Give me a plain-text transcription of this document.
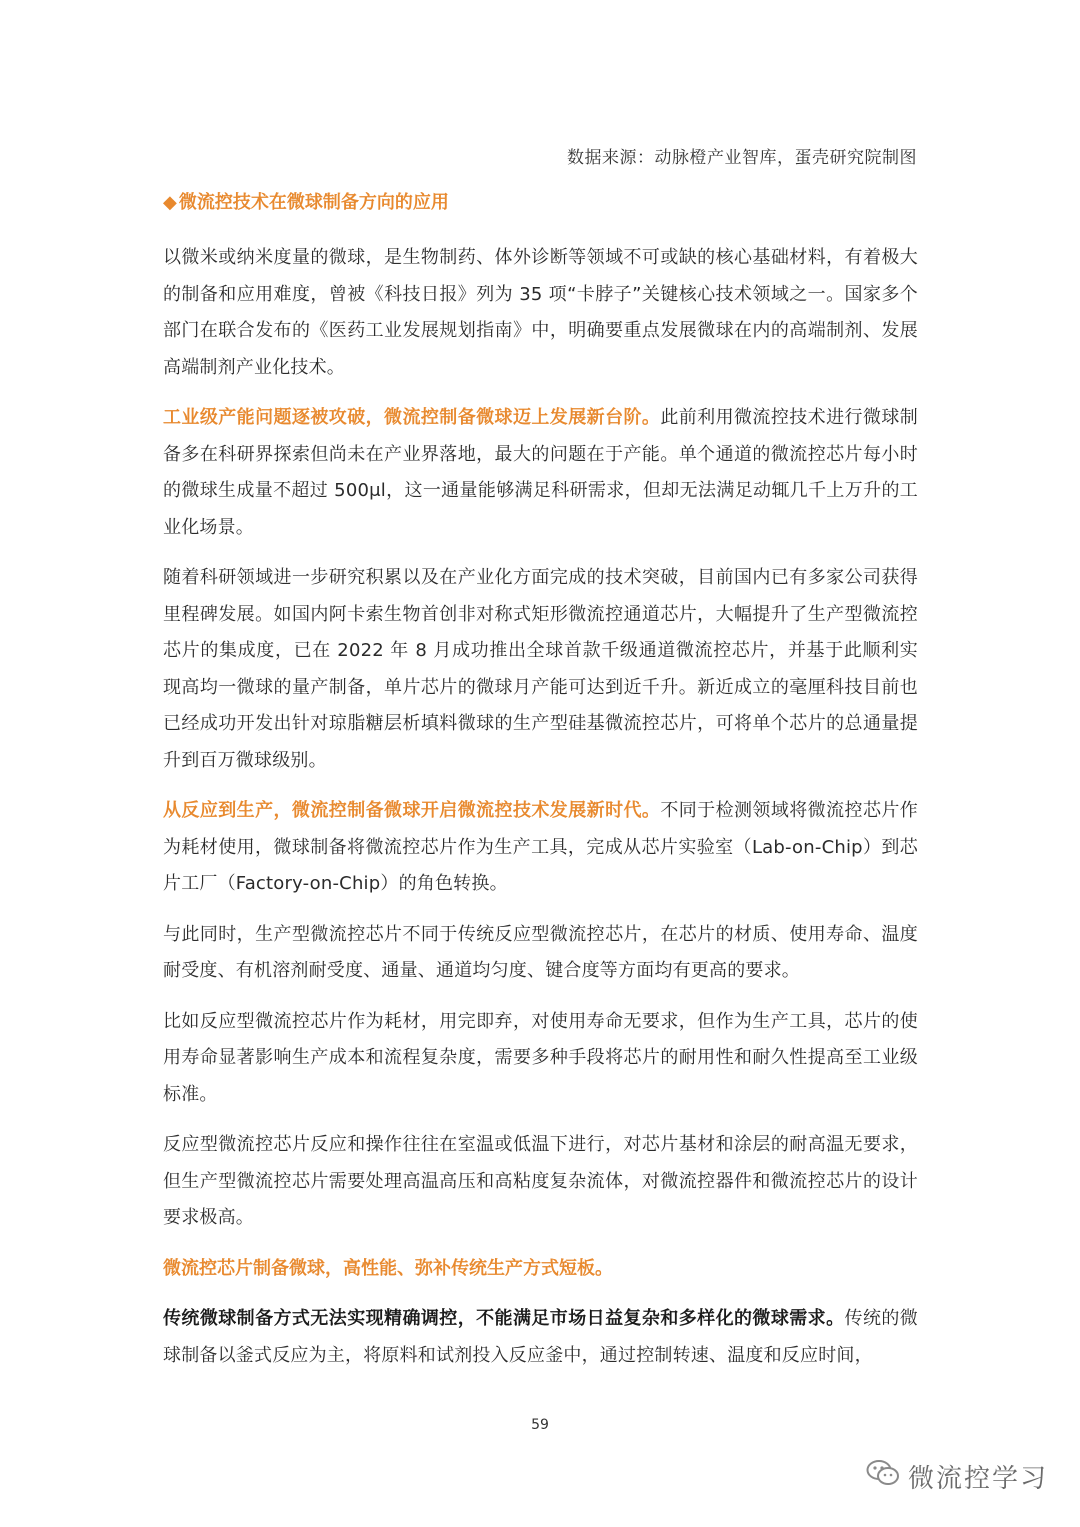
数据来源：动脉橙产业智库，蛋壳研究院制图
◆ 微流控技术在微球制备方向的应用

以微米或纳米度量的微球，是生物制药、体外诊断等领域不可或缺的核心基础材料，有着极大的制备和应用难度，曾被《科技日报》列为 35 项“卡脖子”关键核心技术领域之一。国家多个部门在联合发布的《医药工业发展规划指南》中，明确要重点发展微球在内的高端制剂、发展高端制剂产业化技术。

工业级产能问题逐被攻破，微流控制备微球迈上发展新台阶。此前利用微流控技术进行微球制备多在科研界探索但尚未在产业界落地，最大的问题在于产能。单个通道的微流控芯片每小时的微球生成量不超过 500μl，这一通量能够满足科研需求，但却无法满足动辄几千上万升的工业化场景。

随着科研领域进一步研究积累以及在产业化方面完成的技术突破，目前国内已有多家公司获得里程碑发展。如国内阿卡索生物首创非对称式矩形微流控通道芯片，大幅提升了生产型微流控芯片的集成度，已在 2022 年 8 月成功推出全球首款千级通道微流控芯片，并基于此顺利实现高均一微球的量产制备，单片芯片的微球月产能可达到近千升。新近成立的毫厘科技目前也已经成功开发出针对琼脂糖层析填料微球的生产型硅基微流控芯片，可将单个芯片的总通量提升到百万微球级别。

从反应到生产，微流控制备微球开启微流控技术发展新时代。不同于检测领域将微流控芯片作为耗材使用，微球制备将微流控芯片作为生产工具，完成从芯片实验室（Lab-on-Chip）到芯片工厂（Factory-on-Chip）的角色转换。

与此同时，生产型微流控芯片不同于传统反应型微流控芯片，在芯片的材质、使用寿命、温度耐受度、有机溶剂耐受度、通量、通道均匀度、键合度等方面均有更高的要求。

比如反应型微流控芯片作为耗材，用完即弃，对使用寿命无要求，但作为生产工具，芯片的使用寿命显著影响生产成本和流程复杂度，需要多种手段将芯片的耐用性和耐久性提高至工业级标准。

反应型微流控芯片反应和操作往往在室温或低温下进行，对芯片基材和涂层的耐高温无要求，但生产型微流控芯片需要处理高温高压和高粘度复杂流体，对微流控器件和微流控芯片的设计要求极高。

微流控芯片制备微球，高性能、弥补传统生产方式短板。

传统微球制备方式无法实现精确调控，不能满足市场日益复杂和多样化的微球需求。传统的微球制备以釜式反应为主，将原料和试剂投入反应釜中，通过控制转速、温度和反应时间，

59
微流控学习
